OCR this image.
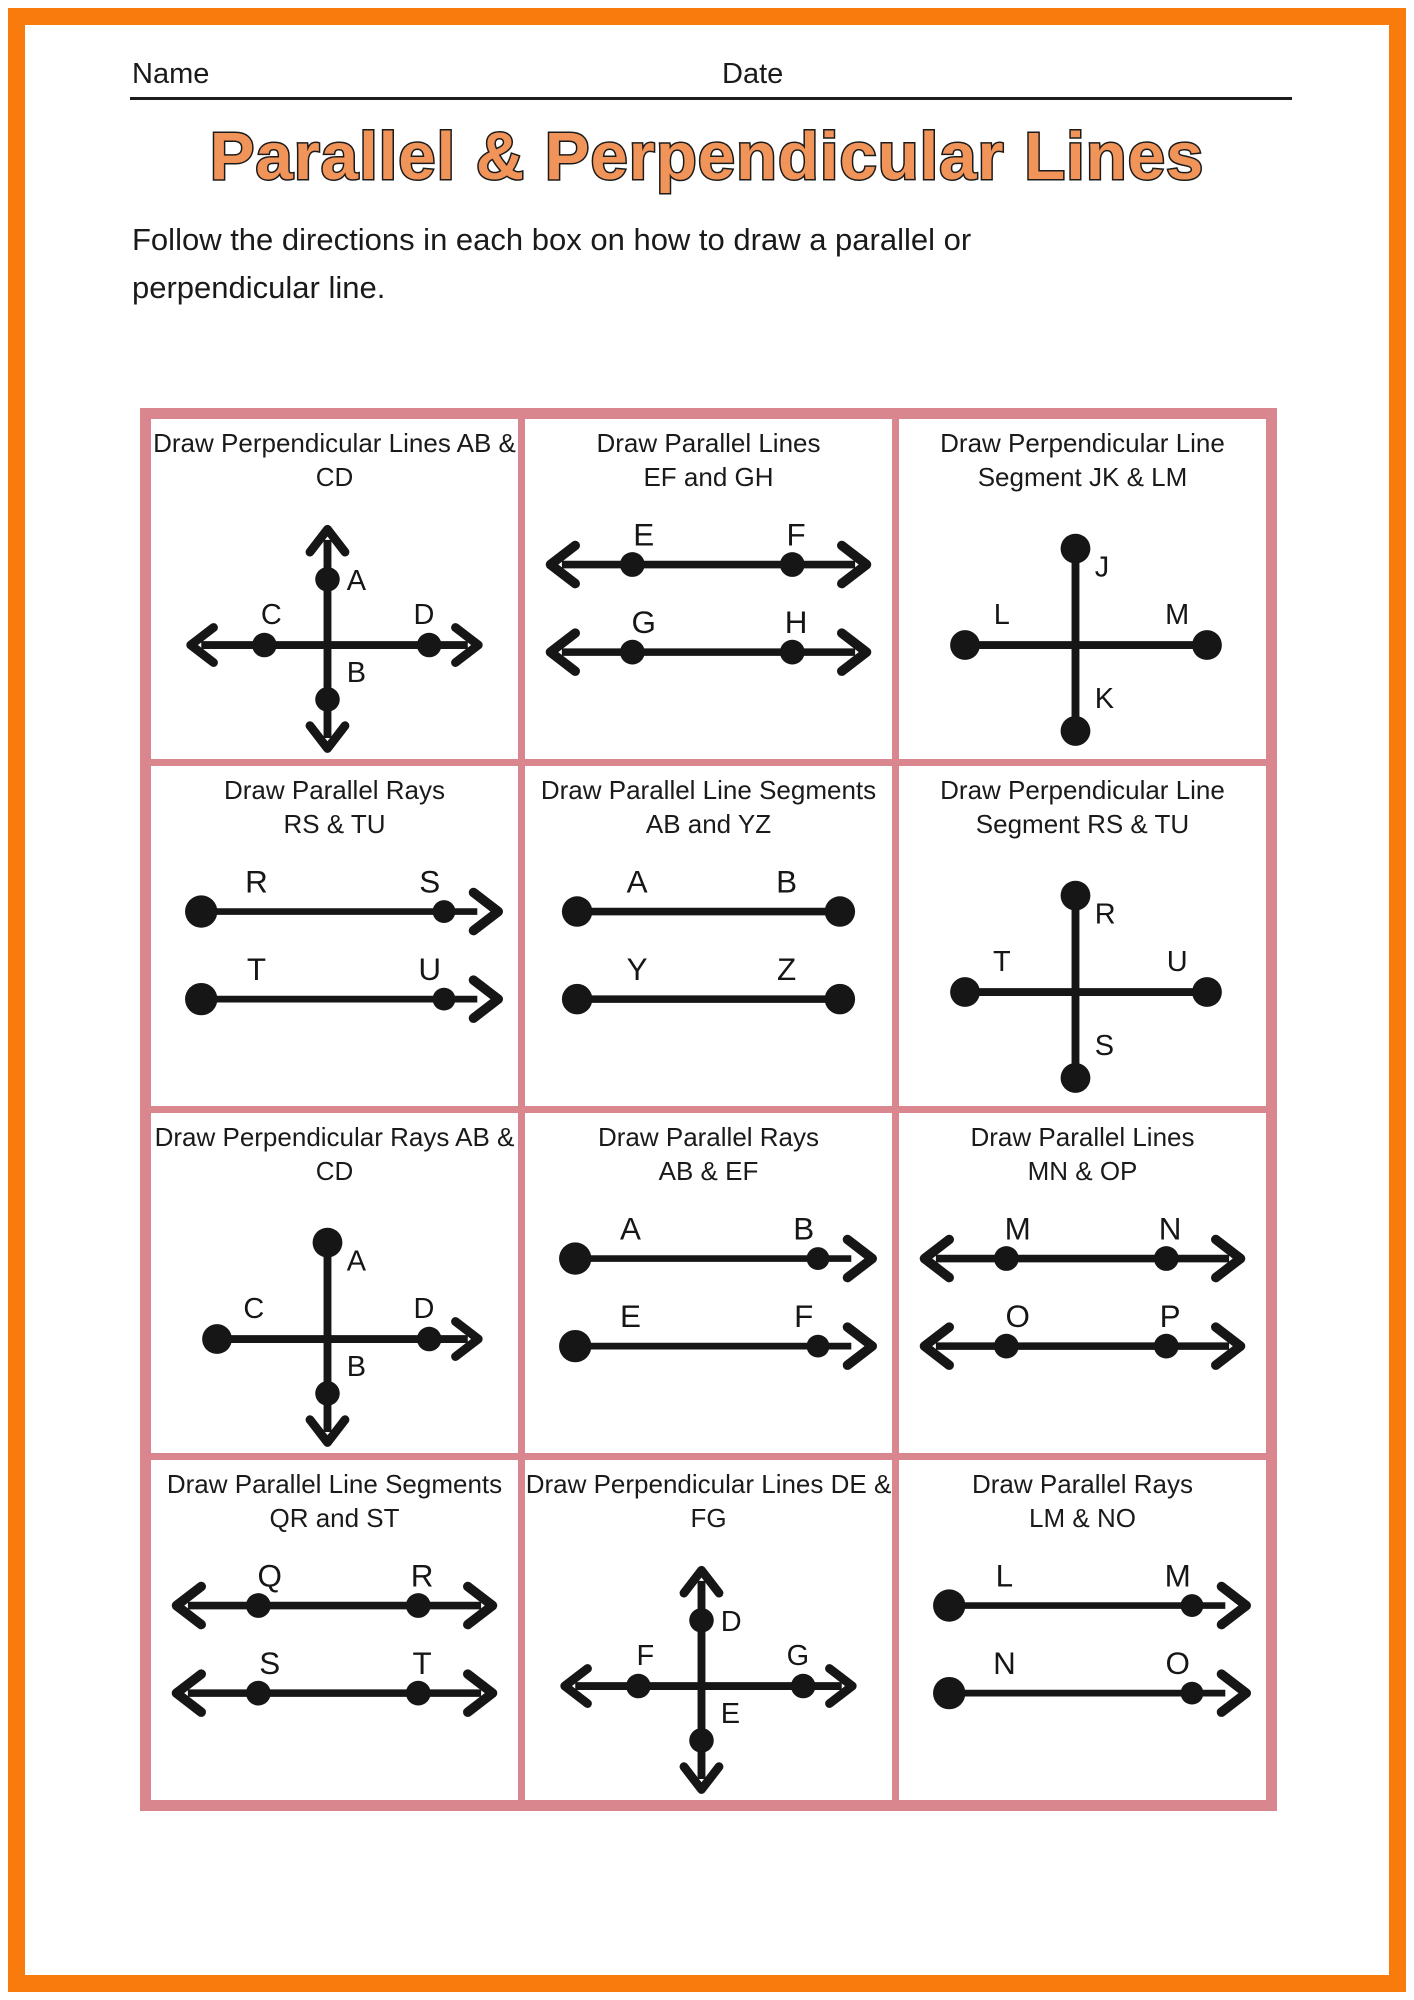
Name	Date
Parallel & Perpendicular Lines

Follow the directions in each box on how to draw a parallel or
perpendicular line.

Draw Perpendicular Lines AB &
CD
A
B
C	D
Draw Parallel Lines
EF and GH
E	F
G	H
Draw Perpendicular Line
Segment JK & LM
J
K
L	M
Draw Parallel Rays
RS & TU
R	S
T	U
Draw Parallel Line Segments
AB and YZ
A	B
Y	Z
Draw Perpendicular Line
Segment RS & TU
R
S
T	U
Draw Perpendicular Rays AB &
CD
A
B
C	D
Draw Parallel Rays
AB & EF
A	B
E	F
Draw Parallel Lines
MN & OP
M	N
O	P
Draw Parallel Line Segments
QR and ST
Q	R
S	T
Draw Perpendicular Lines DE &
FG
D
E
F	G
Draw Parallel Rays
LM & NO
L	M
N	O
